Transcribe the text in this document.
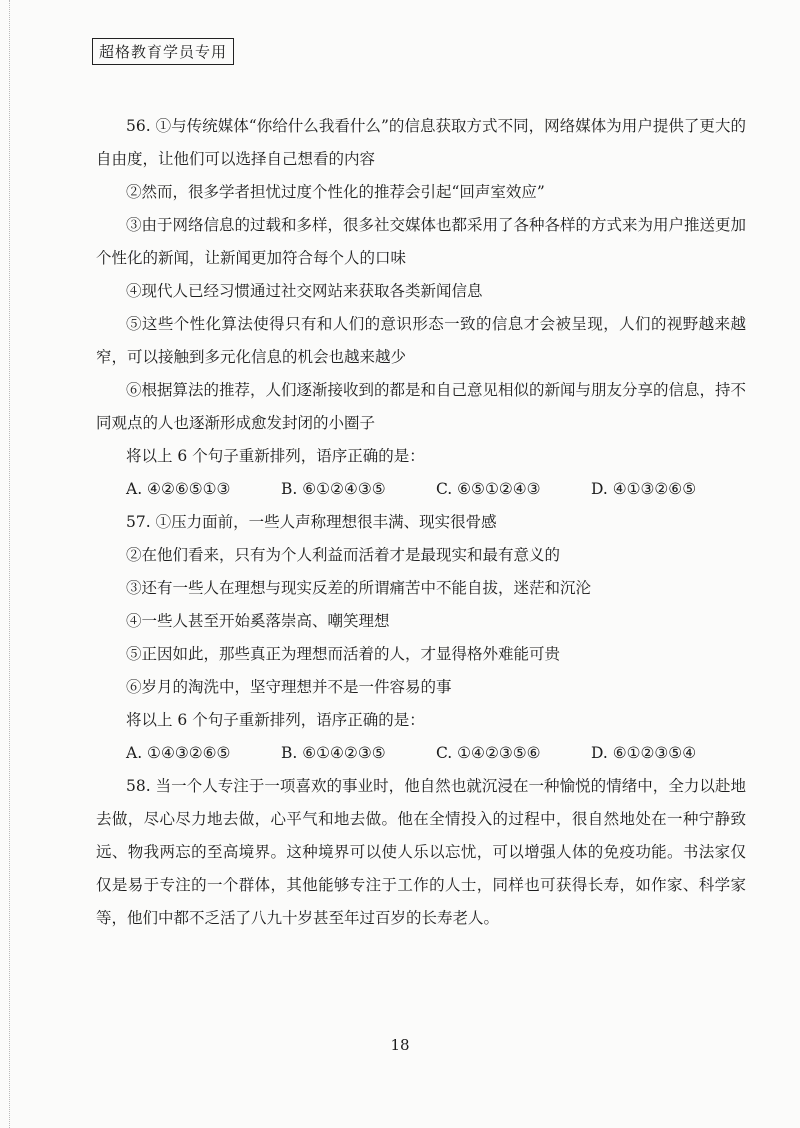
超格教育学员专用

56. ①与传统媒体“你给什么我看什么”的信息获取方式不同，网络媒体为用户提供了更大的自由度，让他们可以选择自己想看的内容

②然而，很多学者担忧过度个性化的推荐会引起“回声室效应”

③由于网络信息的过载和多样，很多社交媒体也都采用了各种各样的方式来为用户推送更加个性化的新闻，让新闻更加符合每个人的口味

④现代人已经习惯通过社交网站来获取各类新闻信息

⑤这些个性化算法使得只有和人们的意识形态一致的信息才会被呈现，人们的视野越来越窄，可以接触到多元化信息的机会也越来越少

⑥根据算法的推荐，人们逐渐接收到的都是和自己意见相似的新闻与朋友分享的信息，持不同观点的人也逐渐形成愈发封闭的小圈子

将以上 6 个句子重新排列，语序正确的是：

A. ④②⑥⑤①③	B. ⑥①②④③⑤	C. ⑥⑤①②④③	D. ④①③②⑥⑤

57. ①压力面前，一些人声称理想很丰满、现实很骨感

②在他们看来，只有为个人利益而活着才是最现实和最有意义的

③还有一些人在理想与现实反差的所谓痛苦中不能自拔，迷茫和沉沦

④一些人甚至开始奚落崇高、嘲笑理想

⑤正因如此，那些真正为理想而活着的人，才显得格外难能可贵

⑥岁月的淘洗中，坚守理想并不是一件容易的事

将以上 6 个句子重新排列，语序正确的是：

A. ①④③②⑥⑤	B. ⑥①④②③⑤	C. ①④②③⑤⑥	D. ⑥①②③⑤④

58. 当一个人专注于一项喜欢的事业时，他自然也就沉浸在一种愉悦的情绪中，全力以赴地去做，尽心尽力地去做，心平气和地去做。他在全情投入的过程中，很自然地处在一种宁静致远、物我两忘的至高境界。这种境界可以使人乐以忘忧，可以增强人体的免疫功能。书法家仅仅是易于专注的一个群体，其他能够专注于工作的人士，同样也可获得长寿，如作家、科学家等，他们中都不乏活了八九十岁甚至年过百岁的长寿老人。

18
